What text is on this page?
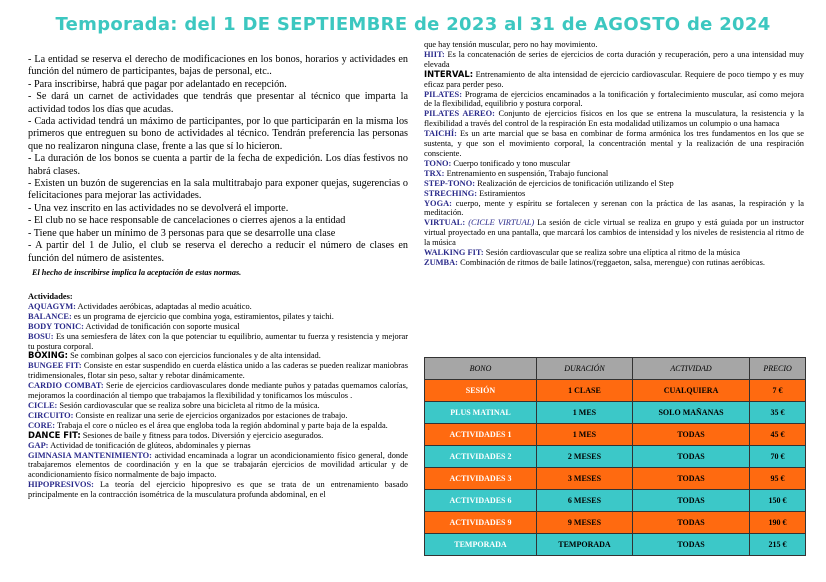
Temporada: del 1 DE SEPTIEMBRE de 2023 al 31 de AGOSTO de 2024

- La entidad se reserva el derecho de modificaciones en los bonos, horarios y actividades en función del número de participantes, bajas de personal, etc..

- Para inscribirse, habrá que pagar por adelantado en recepción.

- Se dará un carnet de actividades que tendrás que presentar al técnico que imparta la actividad todos los días que acudas.

- Cada actividad tendrá un máximo de participantes, por lo que participarán en la misma los primeros que entreguen su bono de actividades al técnico. Tendrán preferencia las personas que no realizaron ninguna clase, frente a las que sí lo hicieron.

- La duración de los bonos se cuenta a partir de la fecha de expedición. Los días festivos no habrá clases.

- Existen un buzón de sugerencias en la sala multitrabajo para exponer quejas, sugerencias o felicitaciones para mejorar las actividades.

- Una vez inscrito en las actividades no se devolverá el importe.

- El club no se hace responsable de cancelaciones o cierres ajenos a la entidad

- Tiene que haber un mínimo de 3 personas para que se desarrolle una clase

- A partir del 1 de Julio, el club se reserva el derecho a reducir el número de clases en función del número de asistentes.

El hecho de inscribirse implica la aceptación de estas normas.

Actividades:

AQUAGYM: Actividades aeróbicas, adaptadas al medio acuático.

BALANCE: es un programa de ejercicio que combina yoga, estiramientos, pilates y taichi.

BODY TONIC: Actividad de tonificación con soporte musical

BOSU: Es una semiesfera de látex con la que potenciar tu equilibrio, aumentar tu fuerza y resistencia y mejorar tu postura corporal.

BOXING: Se combinan golpes al saco con ejercicios funcionales y de alta intensidad.

BUNGEE FIT: Consiste en estar suspendido en cuerda elástica unido a las caderas se pueden realizar maniobras tridimensionales, flotar sin peso, saltar y rebotar dinámicamente.

CARDIO COMBAT: Serie de ejercicios cardiovasculares donde mediante puños y patadas quemamos calorías, mejoramos la coordinación al tiempo que trabajamos la flexibilidad y tonificamos los músculos .

CICLE: Sesión cardiovascular que se realiza sobre una bicicleta al ritmo de la música.

CIRCUITO: Consiste en realizar una serie de ejercicios organizados por estaciones de trabajo.

CORE: Trabaja el core o núcleo es el área que engloba toda la región abdominal y parte baja de la espalda.

DANCE FIT: Sesiones de baile y fitness para todos. Diversión y ejercicio asegurados.

GAP: Actividad de tonificación de glúteos, abdominales y piernas

GIMNASIA MANTENIMIENTO: actividad encaminada a lograr un acondicionamiento físico general, donde trabajaremos elementos de coordinación y en la que se trabajarán ejercicios de movilidad articular y de acondicionamiento físico normalmente de bajo impacto.

HIPOPRESIVOS: La teoría del ejercicio hipopresivo es que se trata de un entrenamiento basado principalmente en la contracción isométrica de la musculatura profunda abdominal, en el

que hay tensión muscular, pero no hay movimiento.

HIIT: Es la concatenación de series de ejercicios de corta duración y recuperación, pero a una intensidad muy elevada

INTERVAL: Entrenamiento de alta intensidad de ejercicio cardiovascular. Requiere de poco tiempo y es muy eficaz para perder peso.

PILATES: Programa de ejercicios encaminados a la tonificación y fortalecimiento muscular, así como mejora de la flexibilidad, equilibrio y postura corporal.

PILATES AEREO: Conjunto de ejercicios físicos en los que se entrena la musculatura, la resistencia y la flexibilidad a través del control de la respiración En esta modalidad utilizamos un columpio o una hamaca

TAICHÍ: Es un arte marcial que se basa en combinar de forma armónica los tres fundamentos en los que se sustenta, y que son el movimiento corporal, la concentración mental y la realización de una respiración consciente.

TONO: Cuerpo tonificado y tono muscular

TRX: Entrenamiento en suspensión, Trabajo funcional

STEP-TONO: Realización de ejercicios de tonificación utilizando el Step

STRECHING: Estiramientos

YOGA: cuerpo, mente y espíritu se fortalecen y serenan con la práctica de las asanas, la respiración y la meditación.

VIRTUAL: (CICLE VIRTUAL) La sesión de cicle virtual se realiza en grupo y está guiada por un instructor virtual proyectado en una pantalla, que marcará los cambios de intensidad y los niveles de resistencia al ritmo de la música

WALKING FIT: Sesión cardiovascular que se realiza sobre una elíptica al ritmo de la música

ZUMBA: Combinación de ritmos de baile latinos/(reggaeton, salsa, merengue) con rutinas aeróbicas.

BONO	DURACIÓN	ACTIVIDAD	PRECIO
SESIÓN	1 CLASE	CUALQUIERA	7 €
PLUS MATINAL	1 MES	SOLO MAÑANAS	35 €
ACTIVIDADES 1	1 MES	TODAS	45 €
ACTIVIDADES 2	2 MESES	TODAS	70 €
ACTIVIDADES 3	3 MESES	TODAS	95 €
ACTIVIDADES 6	6 MESES	TODAS	150 €
ACTIVIDADES 9	9 MESES	TODAS	190 €
TEMPORADA	TEMPORADA	TODAS	215 €
